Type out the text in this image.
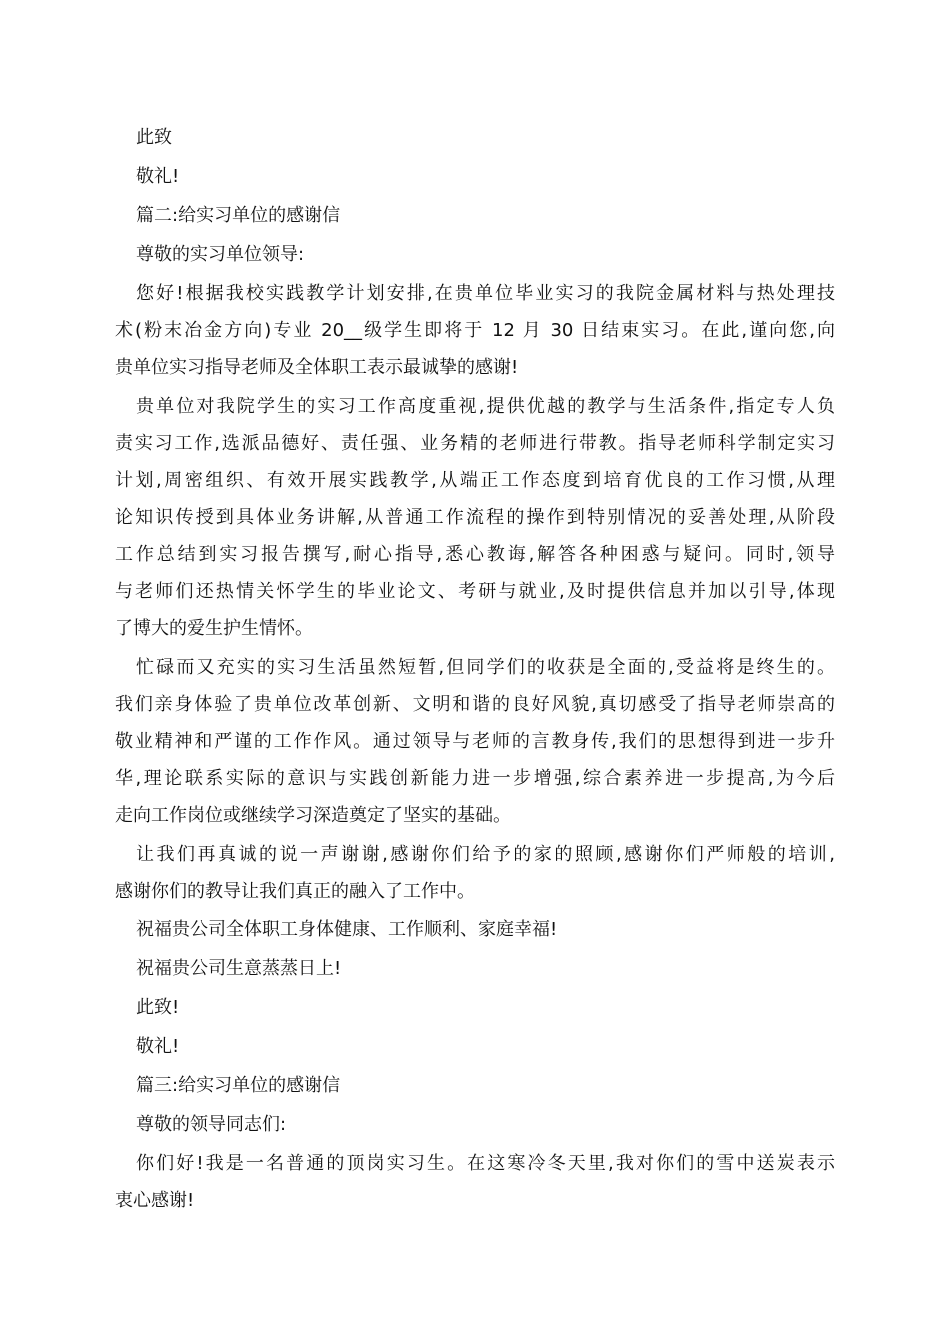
此致
敬礼!
篇二:给实习单位的感谢信
尊敬的实习单位领导:
您好!根据我校实践教学计划安排,在贵单位毕业实习的我院金属材料与热处理技
术(粉末冶金方向)专业 20__级学生即将于 12 月 30 日结束实习。在此,谨向您,向
贵单位实习指导老师及全体职工表示最诚挚的感谢!
贵单位对我院学生的实习工作高度重视,提供优越的教学与生活条件,指定专人负
责实习工作,选派品德好、责任强、业务精的老师进行带教。指导老师科学制定实习
计划,周密组织、有效开展实践教学,从端正工作态度到培育优良的工作习惯,从理
论知识传授到具体业务讲解,从普通工作流程的操作到特别情况的妥善处理,从阶段
工作总结到实习报告撰写,耐心指导,悉心教诲,解答各种困惑与疑问。同时,领导
与老师们还热情关怀学生的毕业论文、考研与就业,及时提供信息并加以引导,体现
了博大的爱生护生情怀。
忙碌而又充实的实习生活虽然短暂,但同学们的收获是全面的,受益将是终生的。
我们亲身体验了贵单位改革创新、文明和谐的良好风貌,真切感受了指导老师崇高的
敬业精神和严谨的工作作风。通过领导与老师的言教身传,我们的思想得到进一步升
华,理论联系实际的意识与实践创新能力进一步增强,综合素养进一步提高,为今后
走向工作岗位或继续学习深造奠定了坚实的基础。
让我们再真诚的说一声谢谢,感谢你们给予的家的照顾,感谢你们严师般的培训,
感谢你们的教导让我们真正的融入了工作中。
祝福贵公司全体职工身体健康、工作顺利、家庭幸福!
祝福贵公司生意蒸蒸日上!
此致!
敬礼!
篇三:给实习单位的感谢信
尊敬的领导同志们:
你们好!我是一名普通的顶岗实习生。在这寒冷冬天里,我对你们的雪中送炭表示
衷心感谢!
